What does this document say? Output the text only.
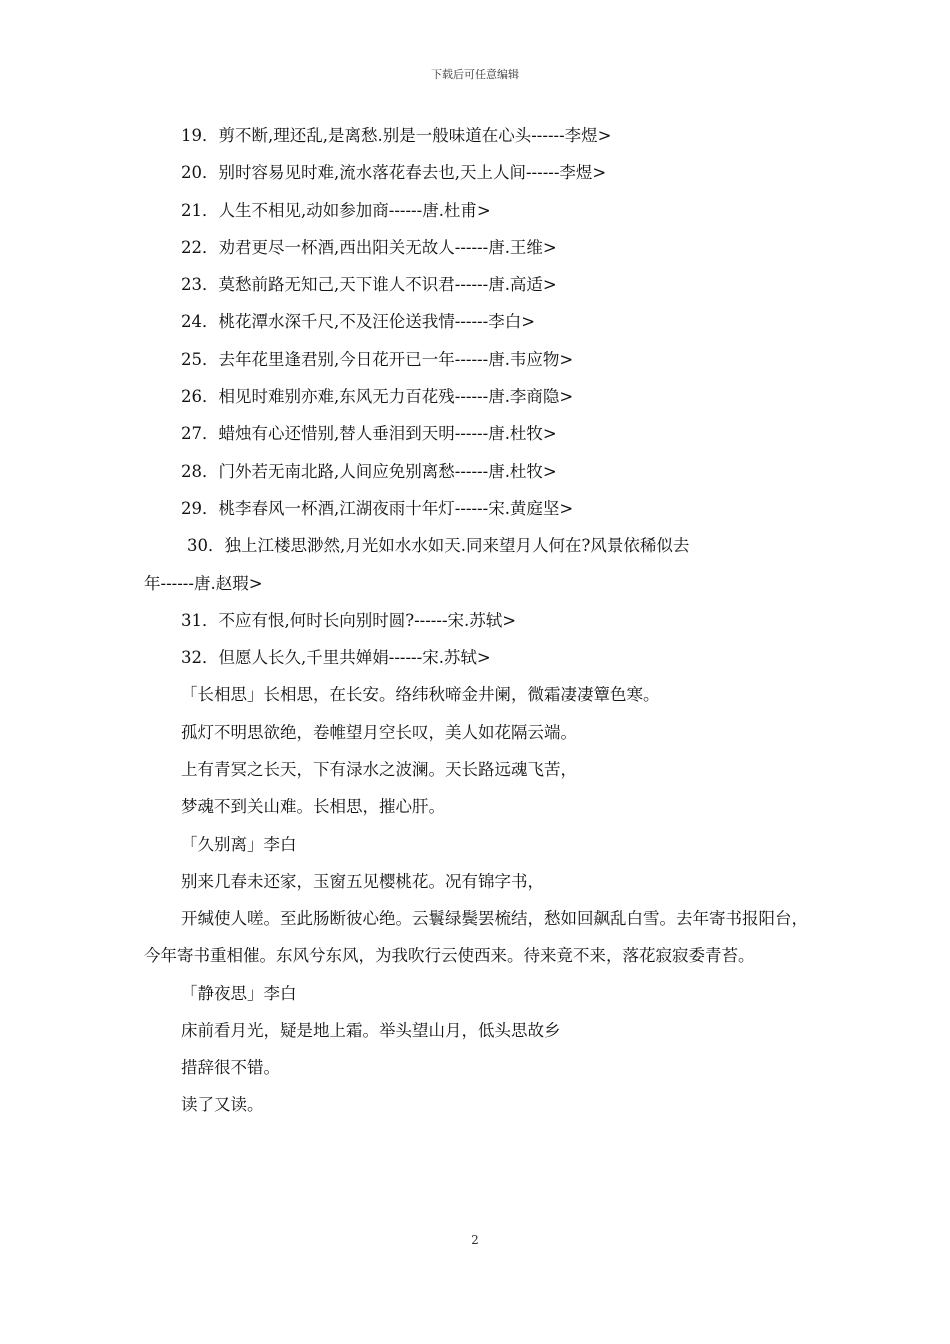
下载后可任意编辑
19．剪不断,理还乱,是离愁.别是一般味道在心头------李煜>
20．别时容易见时难,流水落花春去也,天上人间------李煜>
21．人生不相见,动如参加商------唐.杜甫>
22．劝君更尽一杯酒,西出阳关无故人------唐.王维>
23．莫愁前路无知己,天下谁人不识君------唐.高适>
24．桃花潭水深千尺,不及汪伦送我情------李白>
25．去年花里逢君别,今日花开已一年------唐.韦应物>
26．相见时难别亦难,东风无力百花残------唐.李商隐>
27．蜡烛有心还惜别,替人垂泪到天明------唐.杜牧>
28．门外若无南北路,人间应免别离愁------唐.杜牧>
29．桃李春风一杯酒,江湖夜雨十年灯------宋.黄庭坚>
30．独上江楼思渺然,月光如水水如天.同来望月人何在?风景依稀似去
年------唐.赵瑕>
31．不应有恨,何时长向别时圆?------宋.苏轼>
32．但愿人长久,千里共婵娟------宋.苏轼>
「长相思」长相思，在长安。络纬秋啼金井阑，微霜凄凄簟色寒。
孤灯不明思欲绝，卷帷望月空长叹，美人如花隔云端。
上有青冥之长天，下有渌水之波澜。天长路远魂飞苦，
梦魂不到关山难。长相思，摧心肝。
「久别离」李白
别来几春未还家，玉窗五见樱桃花。况有锦字书，
开缄使人嗟。至此肠断彼心绝。云鬟绿鬓罢梳结，愁如回飙乱白雪。去年寄书报阳台，今年寄书重相催。东风兮东风，为我吹行云使西来。待来竟不来，落花寂寂委青苔。
「静夜思」李白
床前看月光，疑是地上霜。举头望山月，低头思故乡
措辞很不错。
读了又读。
2
